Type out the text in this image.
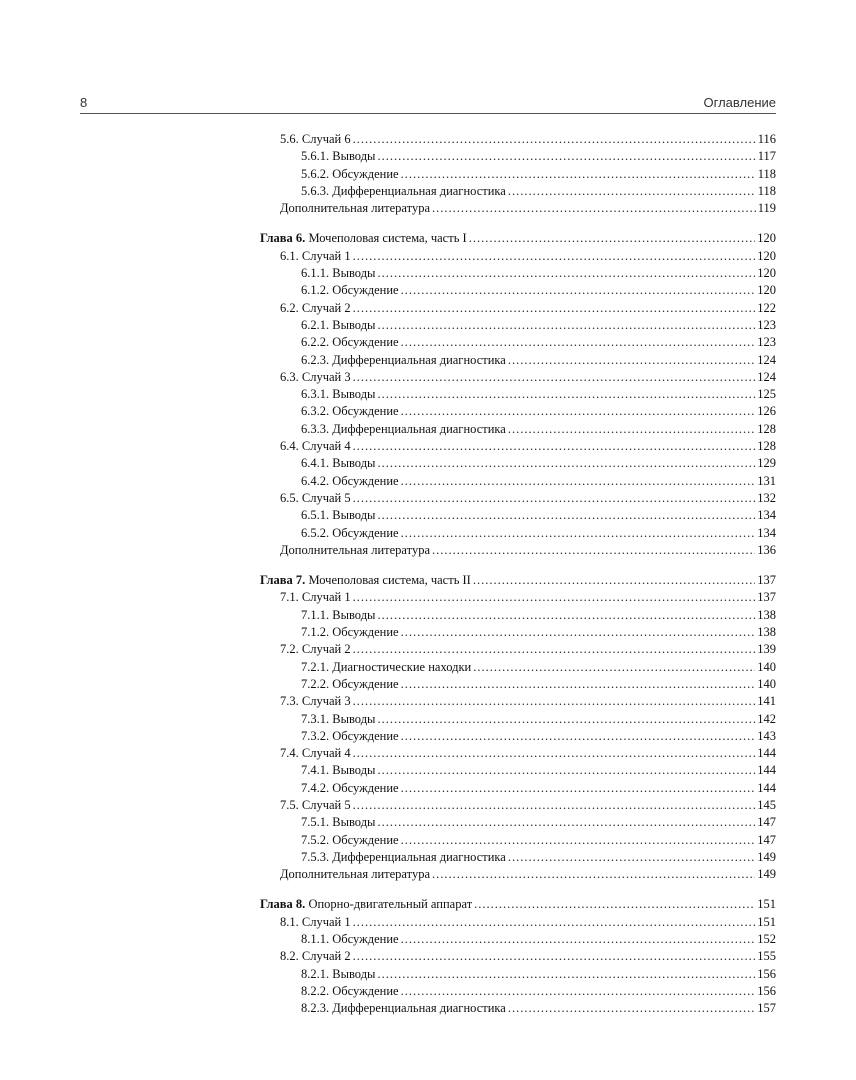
8	Оглавление
5.6. Случай 6 .....	116
5.6.1. Выводы .....	117
5.6.2. Обсуждение .....	118
5.6.3. Дифференциальная диагностика .....	118
Дополнительная литература .....	119
Глава 6. Мочеполовая система, часть I .....	120
6.1. Случай 1 .....	120
6.1.1. Выводы .....	120
6.1.2. Обсуждение .....	120
6.2. Случай 2 .....	122
6.2.1. Выводы .....	123
6.2.2. Обсуждение .....	123
6.2.3. Дифференциальная диагностика .....	124
6.3. Случай 3 .....	124
6.3.1. Выводы .....	125
6.3.2. Обсуждение .....	126
6.3.3. Дифференциальная диагностика .....	128
6.4. Случай 4 .....	128
6.4.1. Выводы .....	129
6.4.2. Обсуждение .....	131
6.5. Случай 5 .....	132
6.5.1. Выводы .....	134
6.5.2. Обсуждение .....	134
Дополнительная литература .....	136
Глава 7. Мочеполовая система, часть II .....	137
7.1. Случай 1 .....	137
7.1.1. Выводы .....	138
7.1.2. Обсуждение .....	138
7.2. Случай 2 .....	139
7.2.1. Диагностические находки .....	140
7.2.2. Обсуждение .....	140
7.3. Случай 3 .....	141
7.3.1. Выводы .....	142
7.3.2. Обсуждение .....	143
7.4. Случай 4 .....	144
7.4.1. Выводы .....	144
7.4.2. Обсуждение .....	144
7.5. Случай 5 .....	145
7.5.1. Выводы .....	147
7.5.2. Обсуждение .....	147
7.5.3. Дифференциальная диагностика .....	149
Дополнительная литература .....	149
Глава 8. Опорно-двигательный аппарат .....	151
8.1. Случай 1 .....	151
8.1.1. Обсуждение .....	152
8.2. Случай 2 .....	155
8.2.1. Выводы .....	156
8.2.2. Обсуждение .....	156
8.2.3. Дифференциальная диагностика .....	157
